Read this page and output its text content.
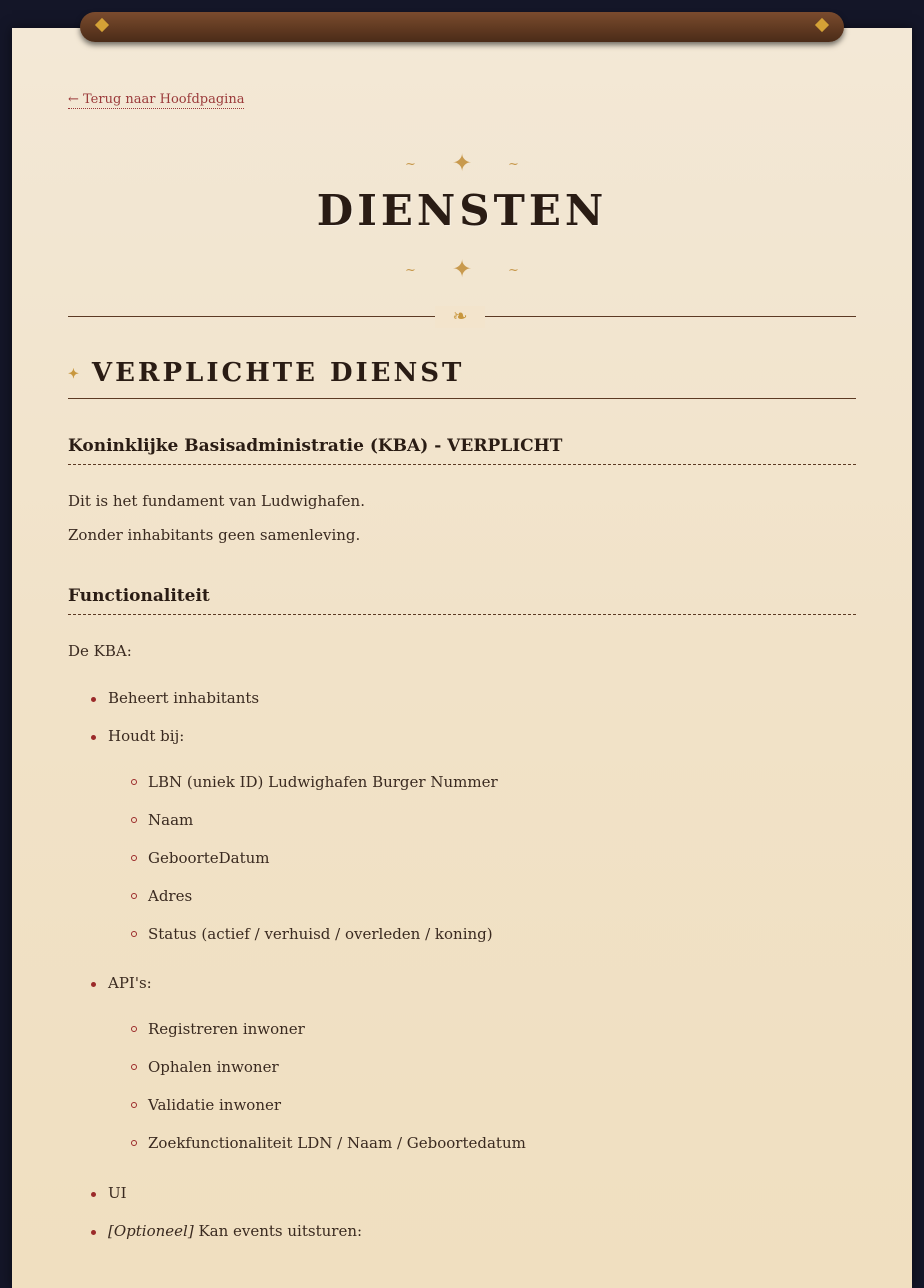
← Terug naar Hoofdpagina
~ ✦	~
DIENSTEN
~ ✦	~
❧
✦ VERPLICHTE DIENST
Koninklijke Basisadministratie (KBA) - VERPLICHT

Dit is het fundament van Ludwighafen.

Zonder inhabitants geen samenleving.

Functionaliteit

De KBA:

Beheert inhabitants
Houdt bij:
LBN (uniek ID) Ludwighafen Burger Nummer
Naam
GeboorteDatum
Adres
Status (actief / verhuisd / overleden / koning)
API's:
Registreren inwoner
Ophalen inwoner
Validatie inwoner
Zoekfunctionaliteit LDN / Naam / Geboortedatum
UI
[Optioneel] Kan events uitsturen:
